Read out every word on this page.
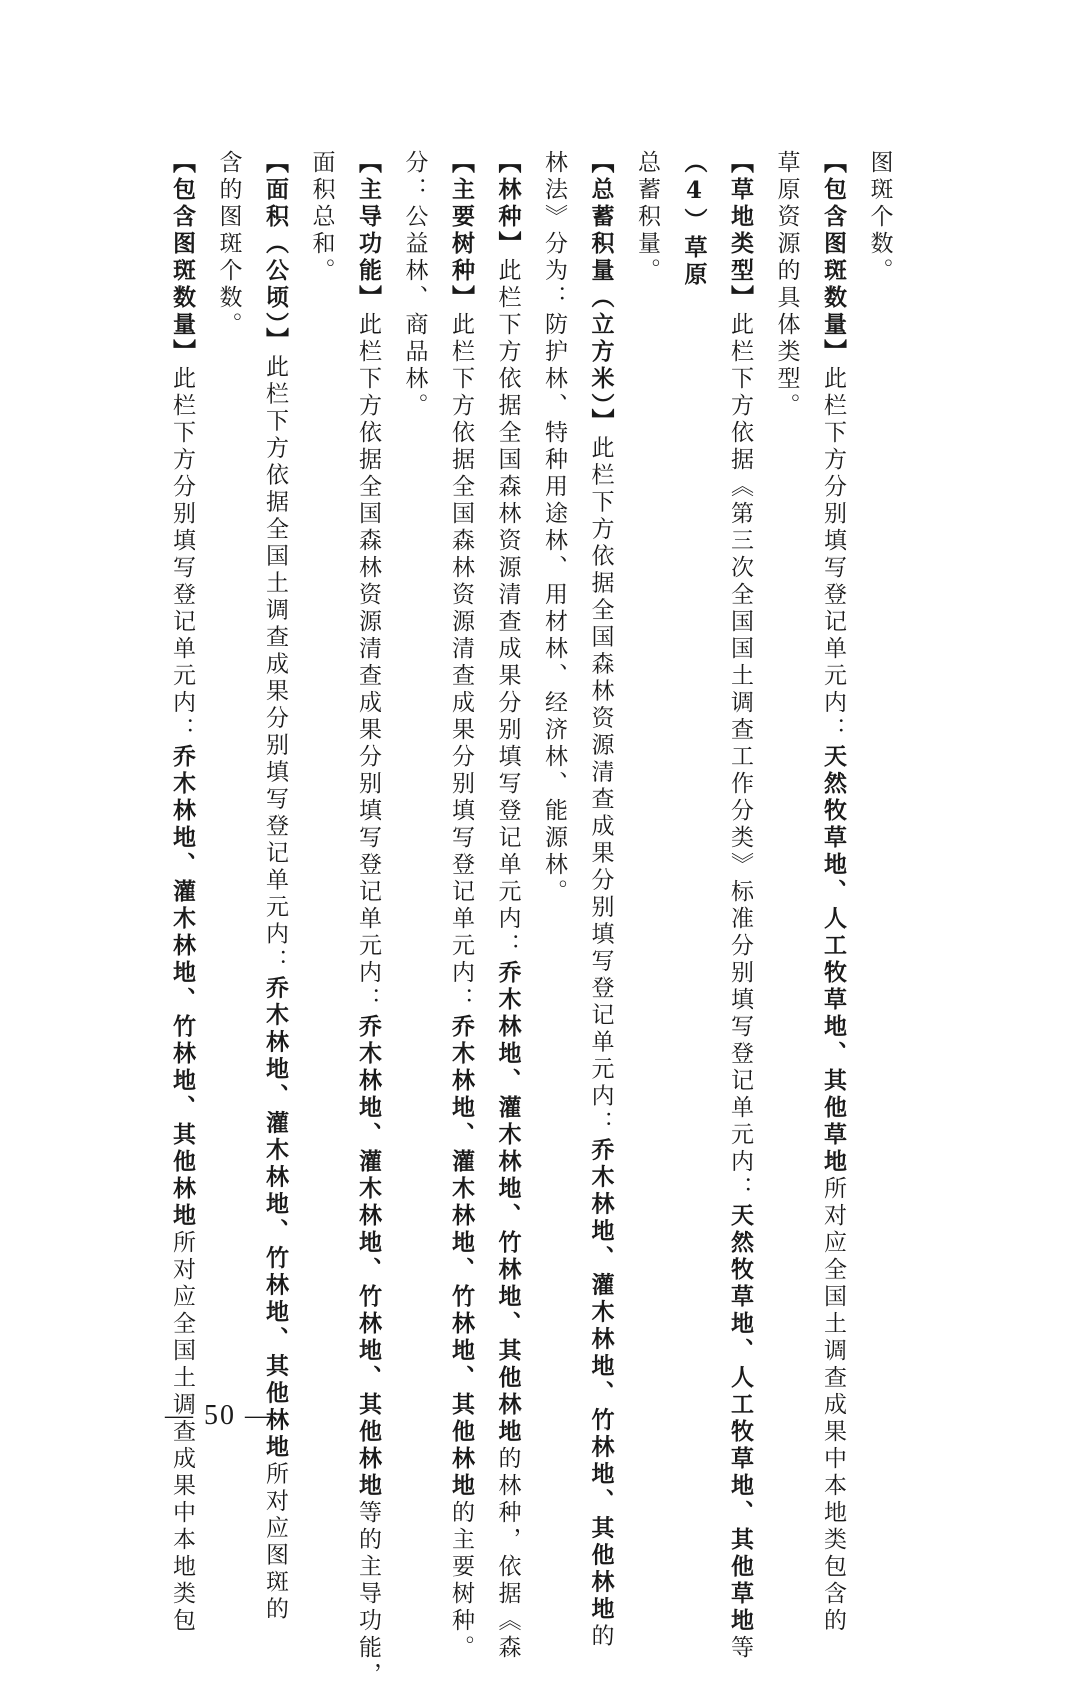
— 50 —
【包含图斑数量】此栏下方分别填写登记单元内：乔木林地、灌木林地、竹林地、其他林地所对应全国土调查成果中本地类包
含的图斑个数。 【面积（公顷）】此栏下方依据全国土调查成果分别填写登记单元内：乔木林地、灌木林地、竹林地、其他林地所对应图斑的
面积总和。 【主导功能】此栏下方依据全国森林资源清查成果分别填写登记单元内：乔木林地、灌木林地、竹林地、其他林地等的主导功能，
分：公益林、商品林。 【主要树种】此栏下方依据全国森林资源清查成果分别填写登记单元内：乔木林地、灌木林地、竹林地、其他林地的主要树种。
【林种】此栏下方依据全国森林资源清查成果分别填写登记单元内：乔木林地、灌木林地、竹林地、其他林地的林种，依据《森
林法》分为：防护林、特种用途林、用材林、经济林、能源林。 【总蓄积量（立方米）】此栏下方依据全国森林资源清查成果分别填写登记单元内：乔木林地、灌木林地、竹林地、其他林地的
总蓄积量。 （4）草原 【草地类型】此栏下方依据《第三次全国国土调查工作分类》标准分别填写登记单元内：天然牧草地、人工牧草地、其他草地等
草原资源的具体类型。 【包含图斑数量】此栏下方分别填写登记单元内：天然牧草地、人工牧草地、其他草地所对应全国土调查成果中本地类包含的
图斑个数。
